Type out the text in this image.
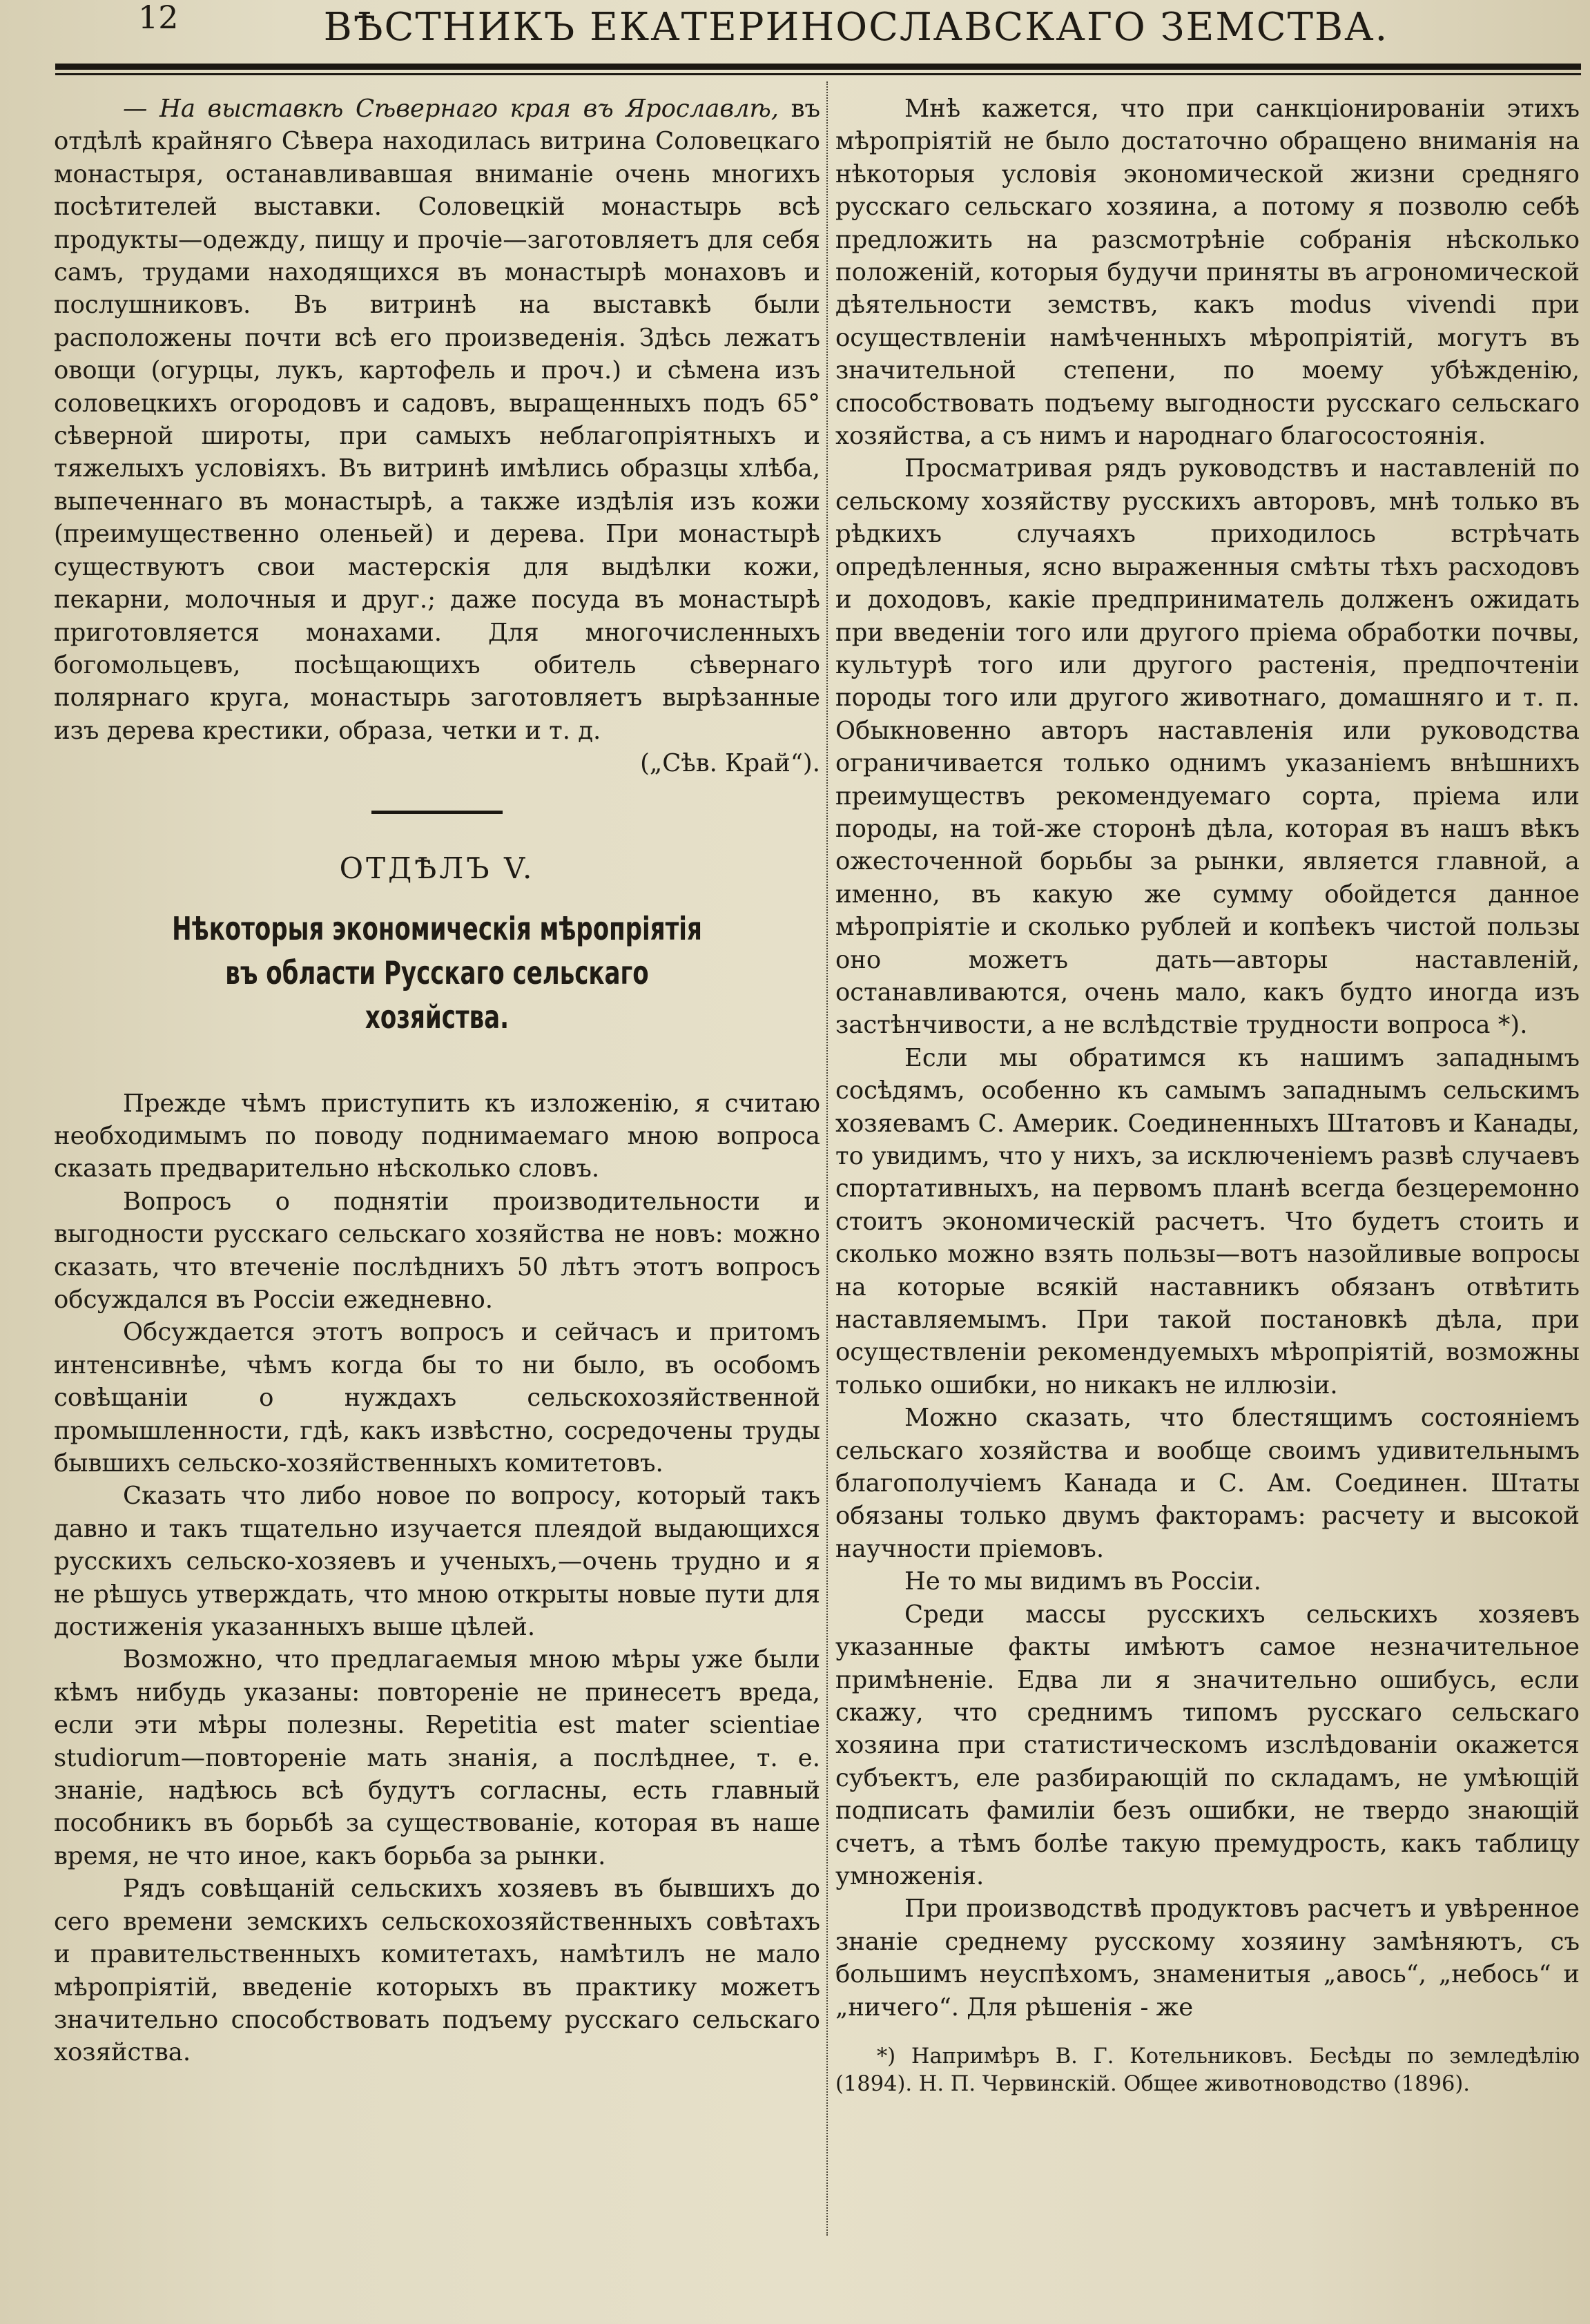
12	ВѢСТНИКЪ ЕКАТЕРИНОСЛАВСКАГО ЗЕМСТВА.

— На выставкѣ Сѣвернаго края въ Ярославлѣ, въ отдѣлѣ крайняго Сѣвера находилась витрина Соловецкаго монастыря, останавливавшая вниманіе очень многихъ посѣтителей выставки. Соловецкій монастырь всѣ продукты—одежду, пищу и прочіе—заготовляетъ для себя самъ, трудами находящихся въ монастырѣ монаховъ и послушниковъ. Въ витринѣ на выставкѣ были расположены почти всѣ его произведенія. Здѣсь лежатъ овощи (огурцы, лукъ, картофель и проч.) и сѣмена изъ соловецкихъ огородовъ и садовъ, выращенныхъ подъ 65° сѣверной широты, при самыхъ неблагопріятныхъ и тяжелыхъ условіяхъ. Въ витринѣ имѣлись образцы хлѣба, выпеченнаго въ монастырѣ, а также издѣлія изъ кожи (преимущественно оленьей) и дерева. При монастырѣ существуютъ свои мастерскія для выдѣлки кожи, пекарни, молочныя и друг.; даже посуда въ монастырѣ приготовляется монахами. Для многочисленныхъ богомольцевъ, посѣщающихъ обитель сѣвернаго полярнаго круга, монастырь заготовляетъ вырѣзанные изъ дерева крестики, образа, четки и т. д.
(„Сѣв. Край“).

ОТДѢЛЪ V.
Нѣкоторыя экономическія мѣропріятія въ области Русскаго сельскаго хозяйства.

Прежде чѣмъ приступить къ изложенію, я считаю необходимымъ по поводу поднимаемаго мною вопроса сказать предварительно нѣсколько словъ.

Вопросъ о поднятіи производительности и выгодности русскаго сельскаго хозяйства не новъ: можно сказать, что втеченіе послѣднихъ 50 лѣтъ этотъ вопросъ обсуждался въ Россіи ежедневно.

Обсуждается этотъ вопросъ и сейчасъ и притомъ интенсивнѣе, чѣмъ когда бы то ни было, въ особомъ совѣщаніи о нуждахъ сельскохозяйственной промышленности, гдѣ, какъ извѣстно, сосредочены труды бывшихъ сельско-хозяйственныхъ комитетовъ.

Сказать что либо новое по вопросу, который такъ давно и такъ тщательно изучается плеядой выдающихся русскихъ сельско-хозяевъ и ученыхъ,—очень трудно и я не рѣшусь утверждать, что мною открыты новые пути для достиженія указанныхъ выше цѣлей.

Возможно, что предлагаемыя мною мѣры уже были кѣмъ нибудь указаны: повтореніе не принесетъ вреда, если эти мѣры полезны. Repetitia est mater scientiae studiorum—повтореніе мать знанія, а послѣднее, т. е. знаніе, надѣюсь всѣ будутъ согласны, есть главный пособникъ въ борьбѣ за существованіе, которая въ наше время, не что иное, какъ борьба за рынки.

Рядъ совѣщаній сельскихъ хозяевъ въ бывшихъ до сего времени земскихъ сельскохозяйственныхъ совѣтахъ и правительственныхъ комитетахъ, намѣтилъ не мало мѣропріятій, введеніе которыхъ въ практику можетъ значительно способствовать подъему русскаго сельскаго хозяйства.

Мнѣ кажется, что при санкціонированіи этихъ мѣропріятій не было достаточно обращено вниманія на нѣкоторыя условія экономической жизни средняго русскаго сельскаго хозяина, а потому я позволю себѣ предложить на разсмотрѣніе собранія нѣсколько положеній, которыя будучи приняты въ агрономической дѣятельности земствъ, какъ modus vivendi при осуществленіи намѣченныхъ мѣропріятій, могутъ въ значительной степени, по моему убѣжденію, способствовать подъему выгодности русскаго сельскаго хозяйства, а съ нимъ и народнаго благосостоянія.

Просматривая рядъ руководствъ и наставленій по сельскому хозяйству русскихъ авторовъ, мнѣ только въ рѣдкихъ случаяхъ приходилось встрѣчать опредѣленныя, ясно выраженныя смѣты тѣхъ расходовъ и доходовъ, какіе предприниматель долженъ ожидать при введеніи того или другого пріема обработки почвы, культурѣ того или другого растенія, предпочтеніи породы того или другого животнаго, домашняго и т. п. Обыкновенно авторъ наставленія или руководства ограничивается только однимъ указаніемъ внѣшнихъ преимуществъ рекомендуемаго сорта, пріема или породы, на той-же сторонѣ дѣла, которая въ нашъ вѣкъ ожесточенной борьбы за рынки, является главной, а именно, въ какую же сумму обойдется данное мѣропріятіе и сколько рублей и копѣекъ чистой пользы оно можетъ дать—авторы наставленій, останавливаются, очень мало, какъ будто иногда изъ застѣнчивости, а не вслѣдствіе трудности вопроса *).

Если мы обратимся къ нашимъ западнымъ сосѣдямъ, особенно къ самымъ западнымъ сельскимъ хозяевамъ С. Америк. Соединенныхъ Штатовъ и Канады, то увидимъ, что у нихъ, за исключеніемъ развѣ случаевъ спортативныхъ, на первомъ планѣ всегда безцеремонно стоитъ экономическій расчетъ. Что будетъ стоить и сколько можно взять пользы—вотъ назойливые вопросы на которые всякій наставникъ обязанъ отвѣтить наставляемымъ. При такой постановкѣ дѣла, при осуществленіи рекомендуемыхъ мѣропріятій, возможны только ошибки, но никакъ не иллюзіи.

Можно сказать, что блестящимъ состояніемъ сельскаго хозяйства и вообще своимъ удивительнымъ благополучіемъ Канада и С. Ам. Соединен. Штаты обязаны только двумъ факторамъ: расчету и высокой научности пріемовъ.

Не то мы видимъ въ Россіи.

Среди массы русскихъ сельскихъ хозяевъ указанные факты имѣютъ самое незначительное примѣненіе. Едва ли я значительно ошибусь, если скажу, что среднимъ типомъ русскаго сельскаго хозяина при статистическомъ изслѣдованіи окажется субъектъ, еле разбирающій по складамъ, не умѣющій подписать фамиліи безъ ошибки, не твердо знающій счетъ, а тѣмъ болѣе такую премудрость, какъ таблицу умноженія.

При производствѣ продуктовъ расчетъ и увѣренное знаніе среднему русскому хозяину замѣняютъ, съ большимъ неуспѣхомъ, знаменитыя „авось“, „небось“ и „ничего“. Для рѣшенія - же

*) Напримѣръ В. Г. Котельниковъ. Бесѣды по земледѣлію (1894). Н. П. Червинскій. Общее животноводство (1896).
